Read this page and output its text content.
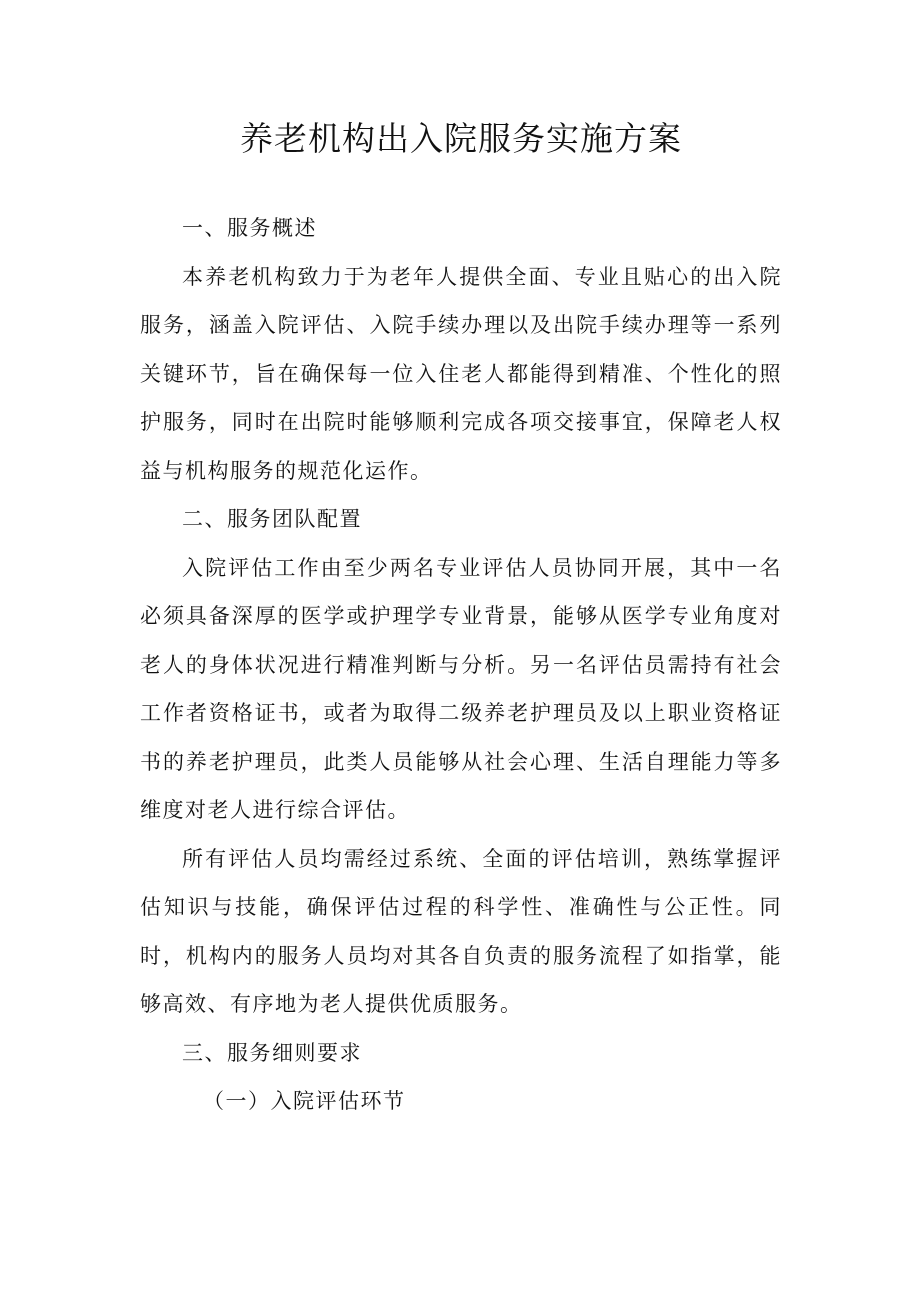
养老机构出入院服务实施方案

一、服务概述

本养老机构致力于为老年人提供全面、专业且贴心的出入院服务，涵盖入院评估、入院手续办理以及出院手续办理等一系列关键环节，旨在确保每一位入住老人都能得到精准、个性化的照护服务，同时在出院时能够顺利完成各项交接事宜，保障老人权益与机构服务的规范化运作。

二、服务团队配置

入院评估工作由至少两名专业评估人员协同开展，其中一名必须具备深厚的医学或护理学专业背景，能够从医学专业角度对老人的身体状况进行精准判断与分析。另一名评估员需持有社会工作者资格证书，或者为取得二级养老护理员及以上职业资格证书的养老护理员，此类人员能够从社会心理、生活自理能力等多维度对老人进行综合评估。

所有评估人员均需经过系统、全面的评估培训，熟练掌握评估知识与技能，确保评估过程的科学性、准确性与公正性。同时，机构内的服务人员均对其各自负责的服务流程了如指掌，能够高效、有序地为老人提供优质服务。

三、服务细则要求

（一）入院评估环节
